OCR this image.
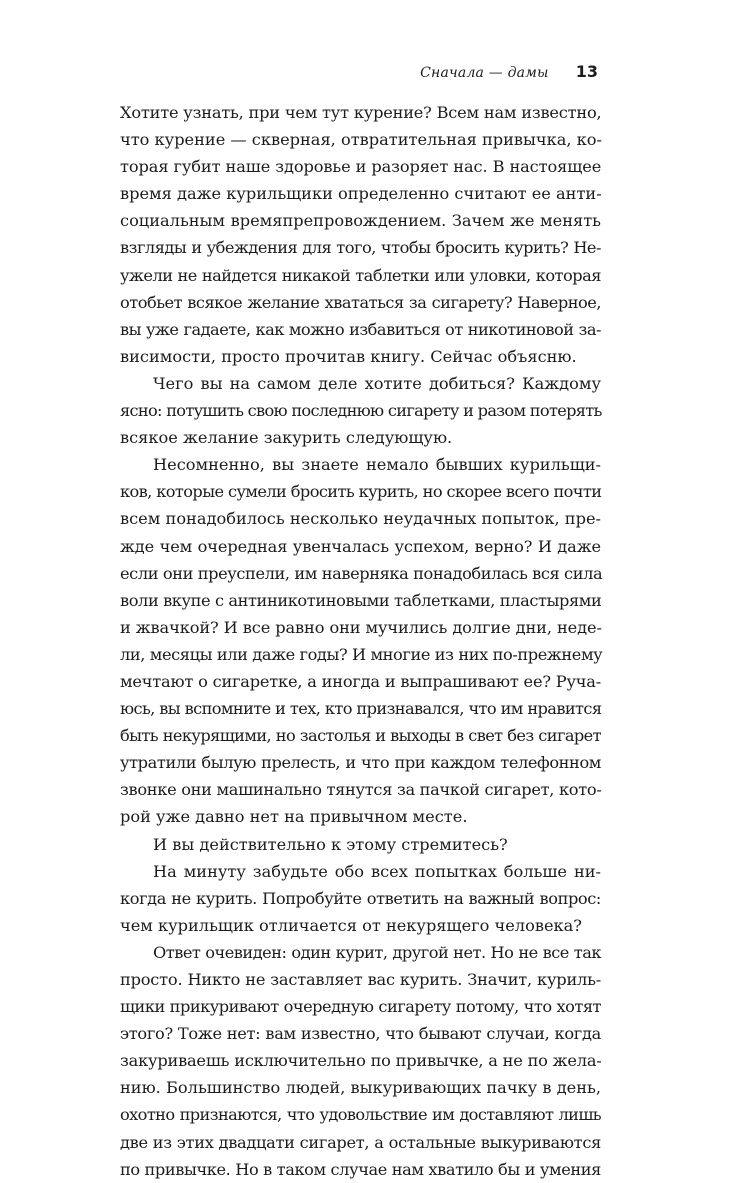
Сначала — дамы 13
Хотите узнать, при чем тут курение? Всем нам известно,
что курение — скверная, отвратительная привычка, ко-
торая губит наше здоровье и разоряет нас. В настоящее
время даже курильщики определенно считают ее анти-
социальным времяпрепровождением. Зачем же менять
взгляды и убеждения для того, чтобы бросить курить? Не-
ужели не найдется никакой таблетки или уловки, которая
отобьет всякое желание хвататься за сигарету? Наверное,
вы уже гадаете, как можно избавиться от никотиновой за-
висимости, просто прочитав книгу. Сейчас объясню.
Чего вы на самом деле хотите добиться? Каждому
ясно: потушить свою последнюю сигарету и разом потерять
всякое желание закурить следующую.
Несомненно, вы знаете немало бывших курильщи-
ков, которые сумели бросить курить, но скорее всего почти
всем понадобилось несколько неудачных попыток, пре-
жде чем очередная увенчалась успехом, верно? И даже
если они преуспели, им наверняка понадобилась вся сила
воли вкупе с антиникотиновыми таблетками, пластырями
и жвачкой? И все равно они мучились долгие дни, неде-
ли, месяцы или даже годы? И многие из них по-прежнему
мечтают о сигаретке, а иногда и выпрашивают ее? Руча-
юсь, вы вспомните и тех, кто признавался, что им нравится
быть некурящими, но застолья и выходы в свет без сигарет
утратили былую прелесть, и что при каждом телефонном
звонке они машинально тянутся за пачкой сигарет, кото-
рой уже давно нет на привычном месте.
И вы действительно к этому стремитесь?
На минуту забудьте обо всех попытках больше ни-
когда не курить. Попробуйте ответить на важный вопрос:
чем курильщик отличается от некурящего человека?
Ответ очевиден: один курит, другой нет. Но не все так
просто. Никто не заставляет вас курить. Значит, куриль-
щики прикуривают очередную сигарету потому, что хотят
этого? Тоже нет: вам известно, что бывают случаи, когда
закуриваешь исключительно по привычке, а не по жела-
нию. Большинство людей, выкуривающих пачку в день,
охотно признаются, что удовольствие им доставляют лишь
две из этих двадцати сигарет, а остальные выкуриваются
по привычке. Но в таком случае нам хватило бы и умения
